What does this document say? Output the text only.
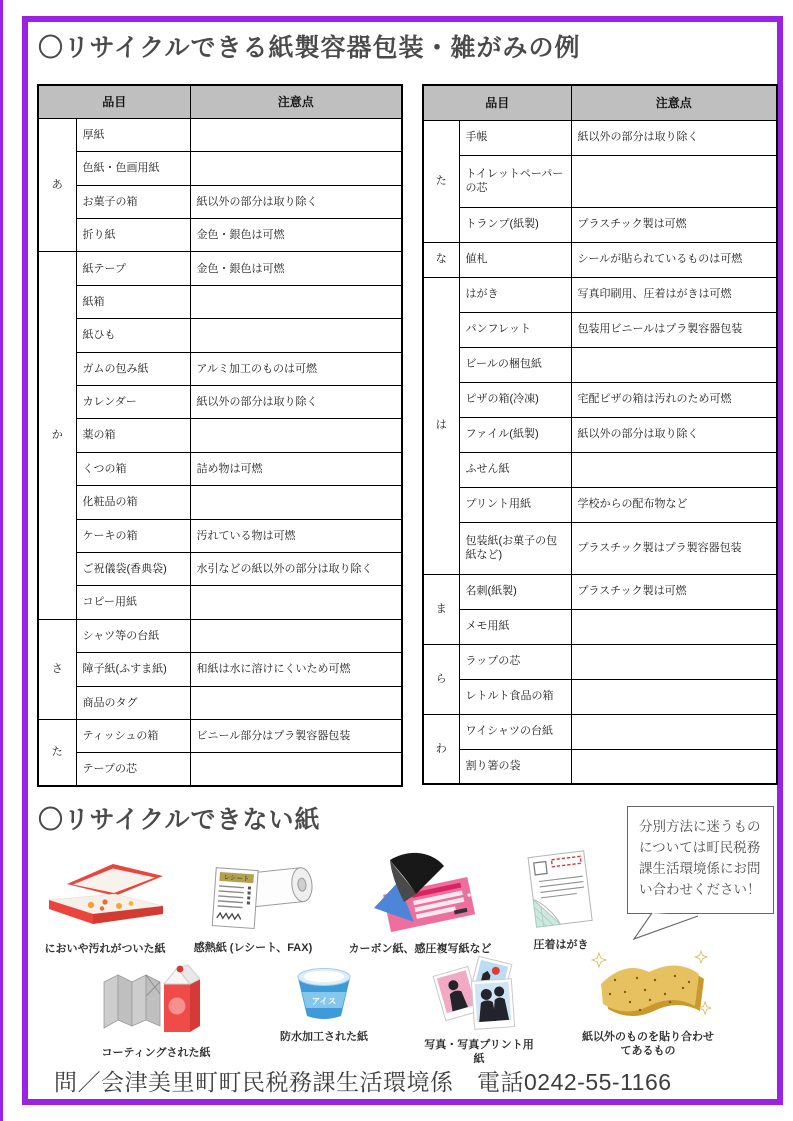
〇リサイクルできる紙製容器包装・雑がみの例
品目		注意点
あ	厚紙	
	色紙・色画用紙	
	お菓子の箱	紙以外の部分は取り除く
	折り紙	金色・銀色は可燃
か	紙テープ	金色・銀色は可燃
	紙箱	
	紙ひも	
	ガムの包み紙	アルミ加工のものは可燃
	カレンダー	紙以外の部分は取り除く
	薬の箱	
	くつの箱	詰め物は可燃
	化粧品の箱	
	ケーキの箱	汚れている物は可燃
	ご祝儀袋(香典袋)	水引などの紙以外の部分は取り除く
	コピー用紙	
さ	シャツ等の台紙	
	障子紙(ふすま紙)	和紙は水に溶けにくいため可燃
	商品のタグ	
た	ティッシュの箱	ビニール部分はプラ製容器包装
	テープの芯	
品目		注意点
た	手帳	紙以外の部分は取り除く
	トイレットペーパーの芯	
	トランプ(紙製)	プラスチック製は可燃
な	値札	シールが貼られているものは可燃
は	はがき	写真印刷用、圧着はがきは可燃
	パンフレット	包装用ビニールはプラ製容器包装
	ビールの梱包紙	
	ピザの箱(冷凍)	宅配ピザの箱は汚れのため可燃
	ファイル(紙製)	紙以外の部分は取り除く
	ふせん紙	
	プリント用紙	学校からの配布物など
	包装紙(お菓子の包紙など)	プラスチック製はプラ製容器包装
ま	名刺(紙製)	プラスチック製は可燃
	メモ用紙	
ら	ラップの芯	
	レトルト食品の箱	
わ	ワイシャツの台紙	
	割り箸の袋	
〇リサイクルできない紙
においや汚れがついた紙
レシート
感熱紙 (レシート、FAX)	カーボン紙、感圧複写紙など	圧着はがき
分別方法に迷うものについては町民税務課生活環境係にお問い合わせください！
コーティングされた紙
アイス
防水加工された紙
写真・写真プリント用紙
紙以外のものを貼り合わせてあるもの
問／会津美里町町民税務課生活環境係　電話0242-55-1166
